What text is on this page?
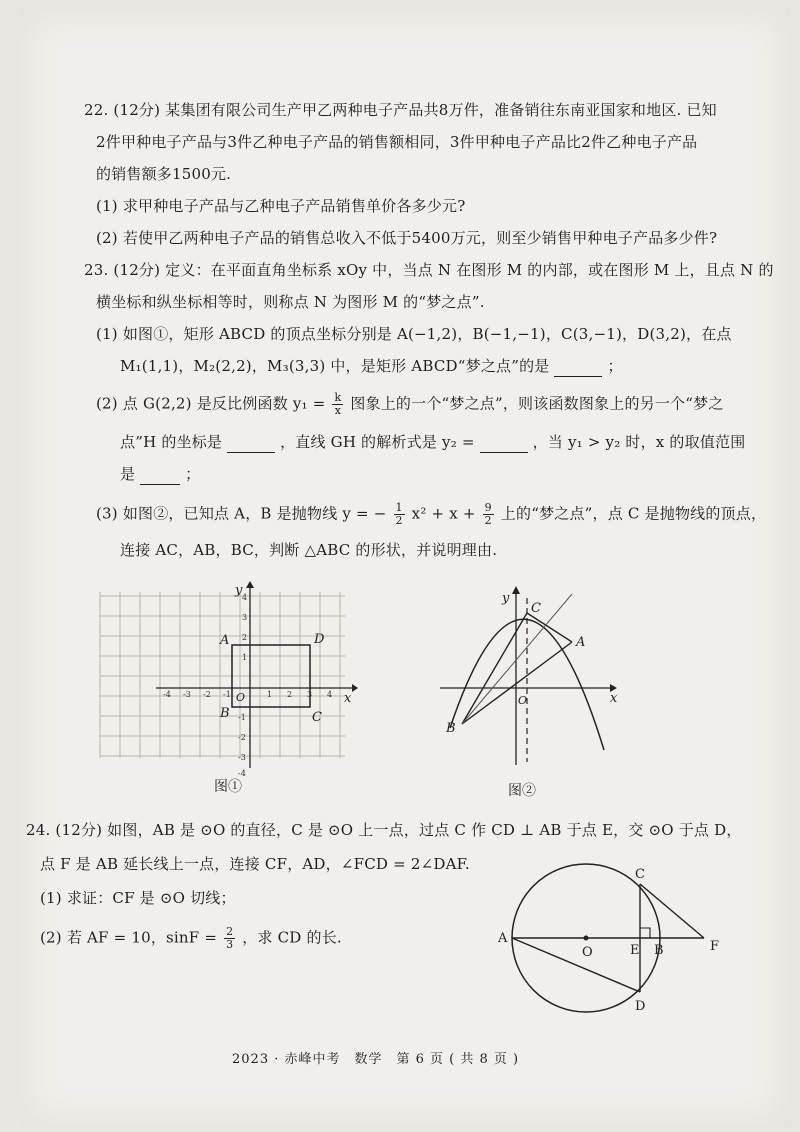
22. (12分) 某集团有限公司生产甲乙两种电子产品共8万件，准备销往东南亚国家和地区. 已知
2件甲种电子产品与3件乙种电子产品的销售额相同，3件甲种电子产品比2件乙种电子产品
的销售额多1500元.
(1) 求甲种电子产品与乙种电子产品销售单价各多少元?
(2) 若使甲乙两种电子产品的销售总收入不低于5400万元，则至少销售甲种电子产品多少件?
23. (12分) 定义：在平面直角坐标系 xOy 中，当点 N 在图形 M 的内部，或在图形 M 上，且点 N 的
横坐标和纵坐标相等时，则称点 N 为图形 M 的“梦之点”.
(1) 如图①，矩形 ABCD 的顶点坐标分别是 A(−1,2)，B(−1,−1)，C(3,−1)，D(3,2)，在点
M₁(1,1)，M₂(2,2)，M₃(3,3) 中，是矩形 ABCD“梦之点”的是	；
(2) 点 G(2,2) 是反比例函数 $y_1 = \frac{k}{x}$ 图象上的一个“梦之点”，则该函数图象上的另一个“梦之
点”H 的坐标是	，直线 GH 的解析式是 y₂ =	，当 y₁ > y₂ 时，x 的取值范围
是	；
(3) 如图②，已知点 A，B 是抛物线 y = − $\frac{1}{2} x^2 + x + \frac{9}{2}$ 上的“梦之点”，点 C 是抛物线的顶点，
连接 AC，AB，BC，判断 △ABC 的形状，并说明理由.
-4 -3 -2 -1	1 2 3 4
4
3
2
1
-1
-2
-3
-4
A
B	C
D
O	x
y
图①
C
A
B
O	x
y
图②
24. (12分) 如图，AB 是 ⊙O 的直径，C 是 ⊙O 上一点，过点 C 作 CD ⊥ AB 于点 E，交 ⊙O 于点 D，
点 F 是 AB 延长线上一点，连接 CF，AD，∠FCD = 2∠DAF.
(1) 求证：CF 是 ⊙O 切线；
(2) 若 AF = 10，$\sin F = \frac{2}{3}$ ，求 CD 的长.	A
O	E B	F
C
D
2023 · 赤峰中考　数学　第 6 页 ( 共 8 页 )
